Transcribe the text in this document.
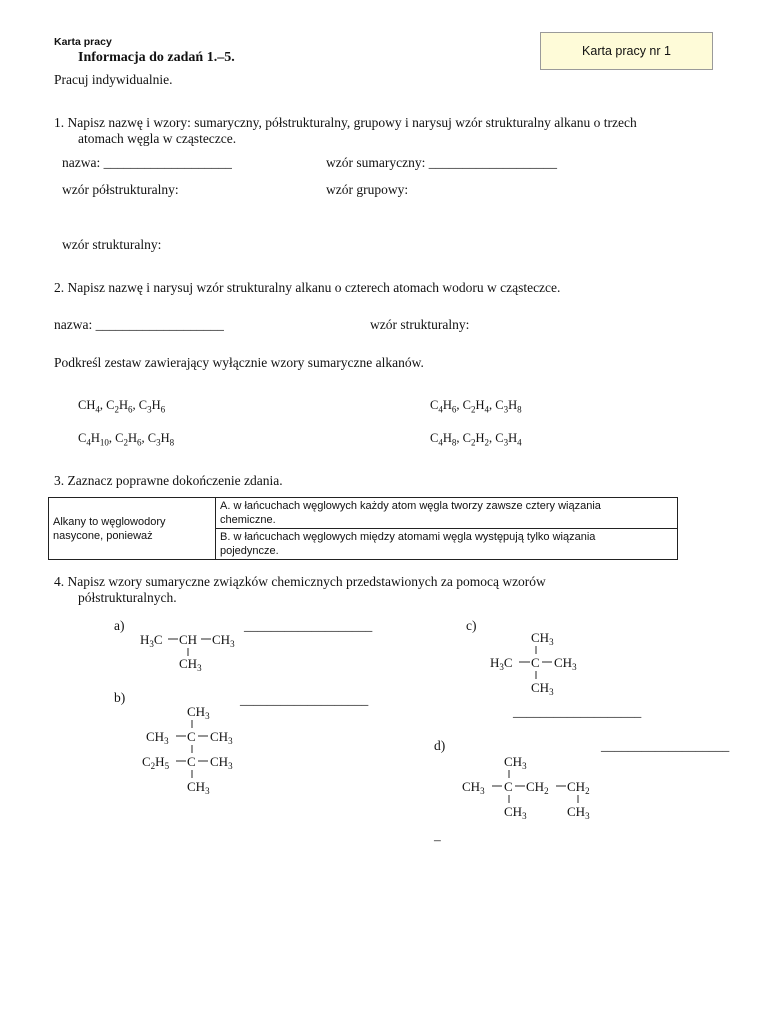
Karta pracy
Informacja do zadań 1.–5.
Pracuj indywidualnie.
Karta pracy nr 1
1. Napisz nazwę i wzory: sumaryczny, półstrukturalny, grupowy i narysuj wzór strukturalny alkanu o trzech
atomach węgla w cząsteczce.
nazwa: ___________________	wzór sumaryczny: ___________________
wzór półstrukturalny:	wzór grupowy:
wzór strukturalny:
2. Napisz nazwę i narysuj wzór strukturalny alkanu o czterech atomach wodoru w cząsteczce.
nazwa: ___________________	wzór strukturalny:
Podkreśl zestaw zawierający wyłącznie wzory sumaryczne alkanów.
$CH_4$, $C_2H_6$, $C_3H_6$	$C_4H_6$, $C_2H_4$, $C_3H_8$
$C_4H_{10}$, $C_2H_6$, $C_3H_8$	$C_4H_8$, $C_2H_2$, $C_3H_4$
3. Zaznacz poprawne dokończenie zdania.
Alkany to węglowodory
nasycone, ponieważ

A. w łańcuchach węglowych każdy atom węgla tworzy zawsze cztery wiązania
chemiczne.

B. w łańcuchach węglowych między atomami węgla występują tylko wiązania
pojedyncze.
4. Napisz wzory sumaryczne związków chemicznych przedstawionych za pomocą wzorów
półstrukturalnych.
a)	___________________	c)
b)	___________________
___________________
d)	___________________
–
$H_3C$ CH $CH_3$
$CH_3$
$CH_3$
$CH_3$ C $CH_3$
$C_2H_5$ C $CH_3$
$CH_3$
$CH_3$
$H_3C$ C $CH_3$
$CH_3$
$CH_3$
$CH_3$ C $CH_2$ $CH_2$
$CH_3$	$CH_3$
